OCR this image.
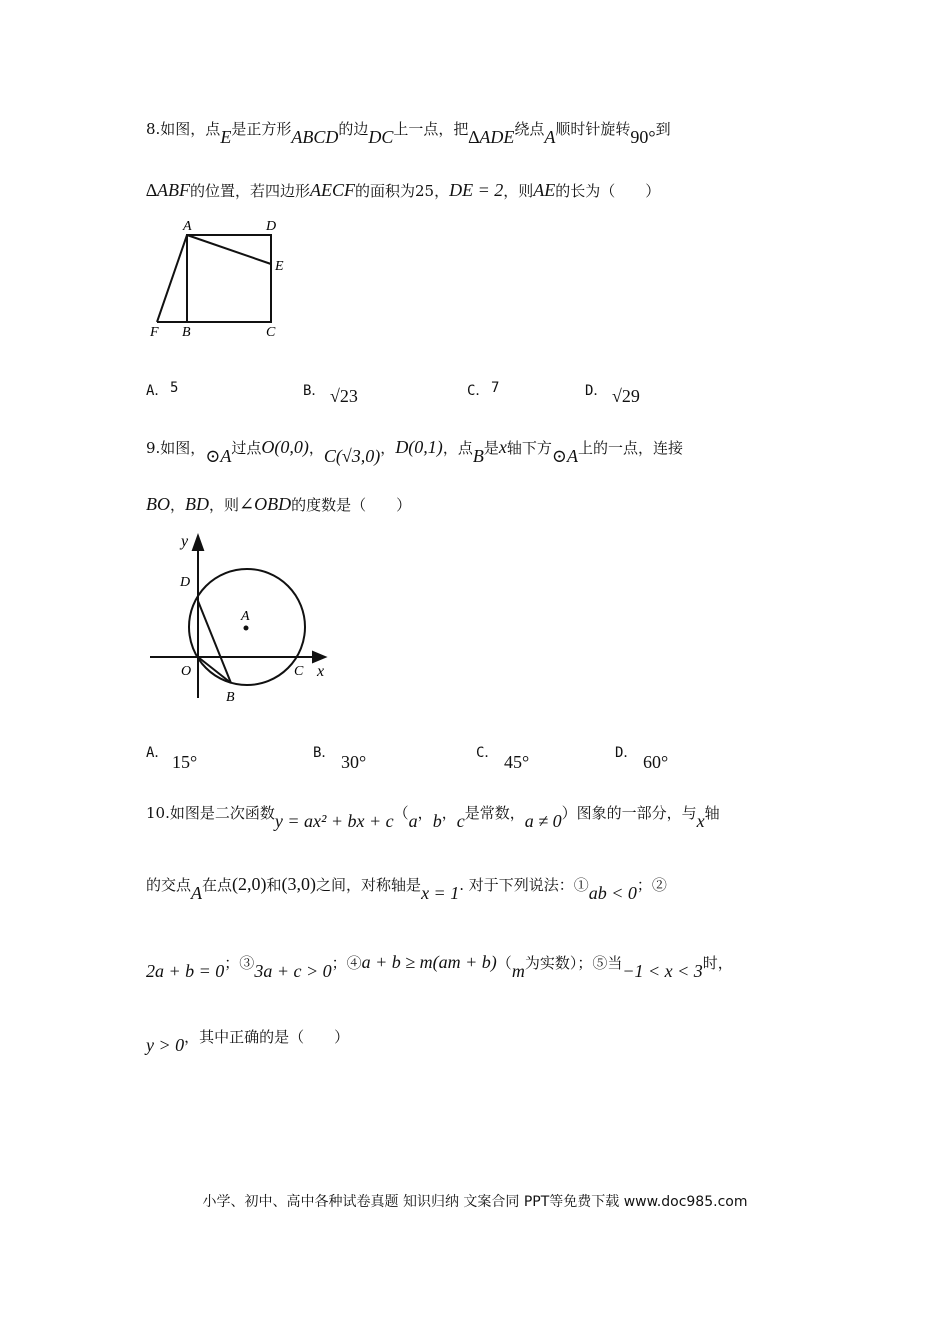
8.如图，点E是正方形ABCD的边DC上一点，把∆ADE绕点A顺时针旋转90°到
∆ABF的位置，若四边形AECF的面积为25，DE = 2，则AE的长为（　　）
A	D
E
F B	C
A． 5	B． √23	C． 7	D． √29
9.如图，⊙A过点O(0,0)，C(√3,0)，D(0,1)，点B是x轴下方⊙A上的一点，连接
BO，BD，则∠OBD的度数是（　　）
y
x
D
A
O	C
B
A． 15°	B． 30°	C． 45°	D． 60°
10.如图是二次函数y = ax² + bx + c（a，b，c是常数，a ≠ 0）图象的一部分，与x轴
的交点A在点(2,0)和(3,0)之间，对称轴是x = 1. 对于下列说法：①ab < 0；②
2a + b = 0；③3a + c > 0；④a + b ≥ m(am + b)（m为实数）；⑤当−1 < x < 3时，
y > 0，其中正确的是（　　）
小学、初中、高中各种试卷真题 知识归纳 文案合同 PPT等免费下载 www.doc985.com
